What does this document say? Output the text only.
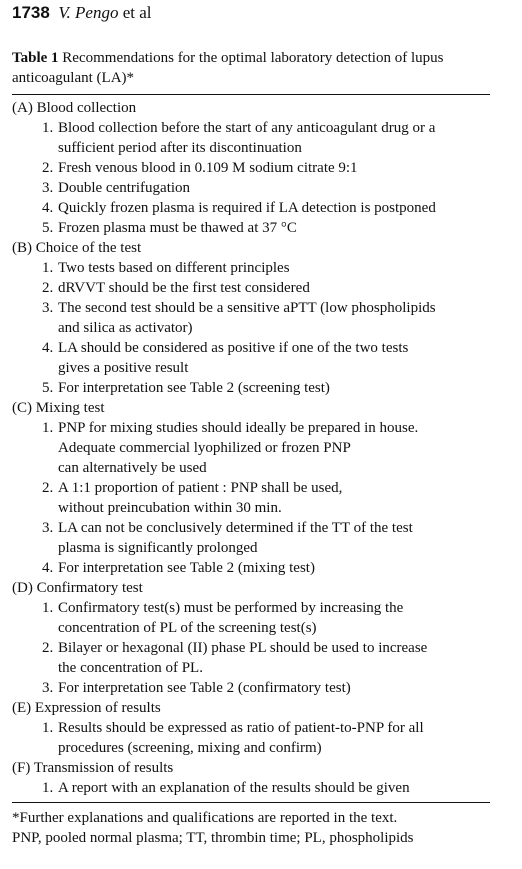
1738 V. Pengo et al
Table 1 Recommendations for the optimal laboratory detection of lupus anticoagulant (LA)*
(A) Blood collection
1. Blood collection before the start of any anticoagulant drug or a
sufficient period after its discontinuation
2. Fresh venous blood in 0.109 M sodium citrate 9:1
3. Double centrifugation
4. Quickly frozen plasma is required if LA detection is postponed
5. Frozen plasma must be thawed at 37 °C
(B) Choice of the test
1. Two tests based on different principles
2. dRVVT should be the first test considered
3. The second test should be a sensitive aPTT (low phospholipids
and silica as activator)
4. LA should be considered as positive if one of the two tests
gives a positive result
5. For interpretation see Table 2 (screening test)
(C) Mixing test
1. PNP for mixing studies should ideally be prepared in house.
Adequate commercial lyophilized or frozen PNP
can alternatively be used
2. A 1:1 proportion of patient : PNP shall be used,
without preincubation within 30 min.
3. LA can not be conclusively determined if the TT of the test
plasma is significantly prolonged
4. For interpretation see Table 2 (mixing test)
(D) Confirmatory test
1. Confirmatory test(s) must be performed by increasing the
concentration of PL of the screening test(s)
2. Bilayer or hexagonal (II) phase PL should be used to increase
the concentration of PL.
3. For interpretation see Table 2 (confirmatory test)
(E) Expression of results
1. Results should be expressed as ratio of patient-to-PNP for all
procedures (screening, mixing and confirm)
(F) Transmission of results
1. A report with an explanation of the results should be given
*Further explanations and qualifications are reported in the text.
PNP, pooled normal plasma; TT, thrombin time; PL, phospholipids
